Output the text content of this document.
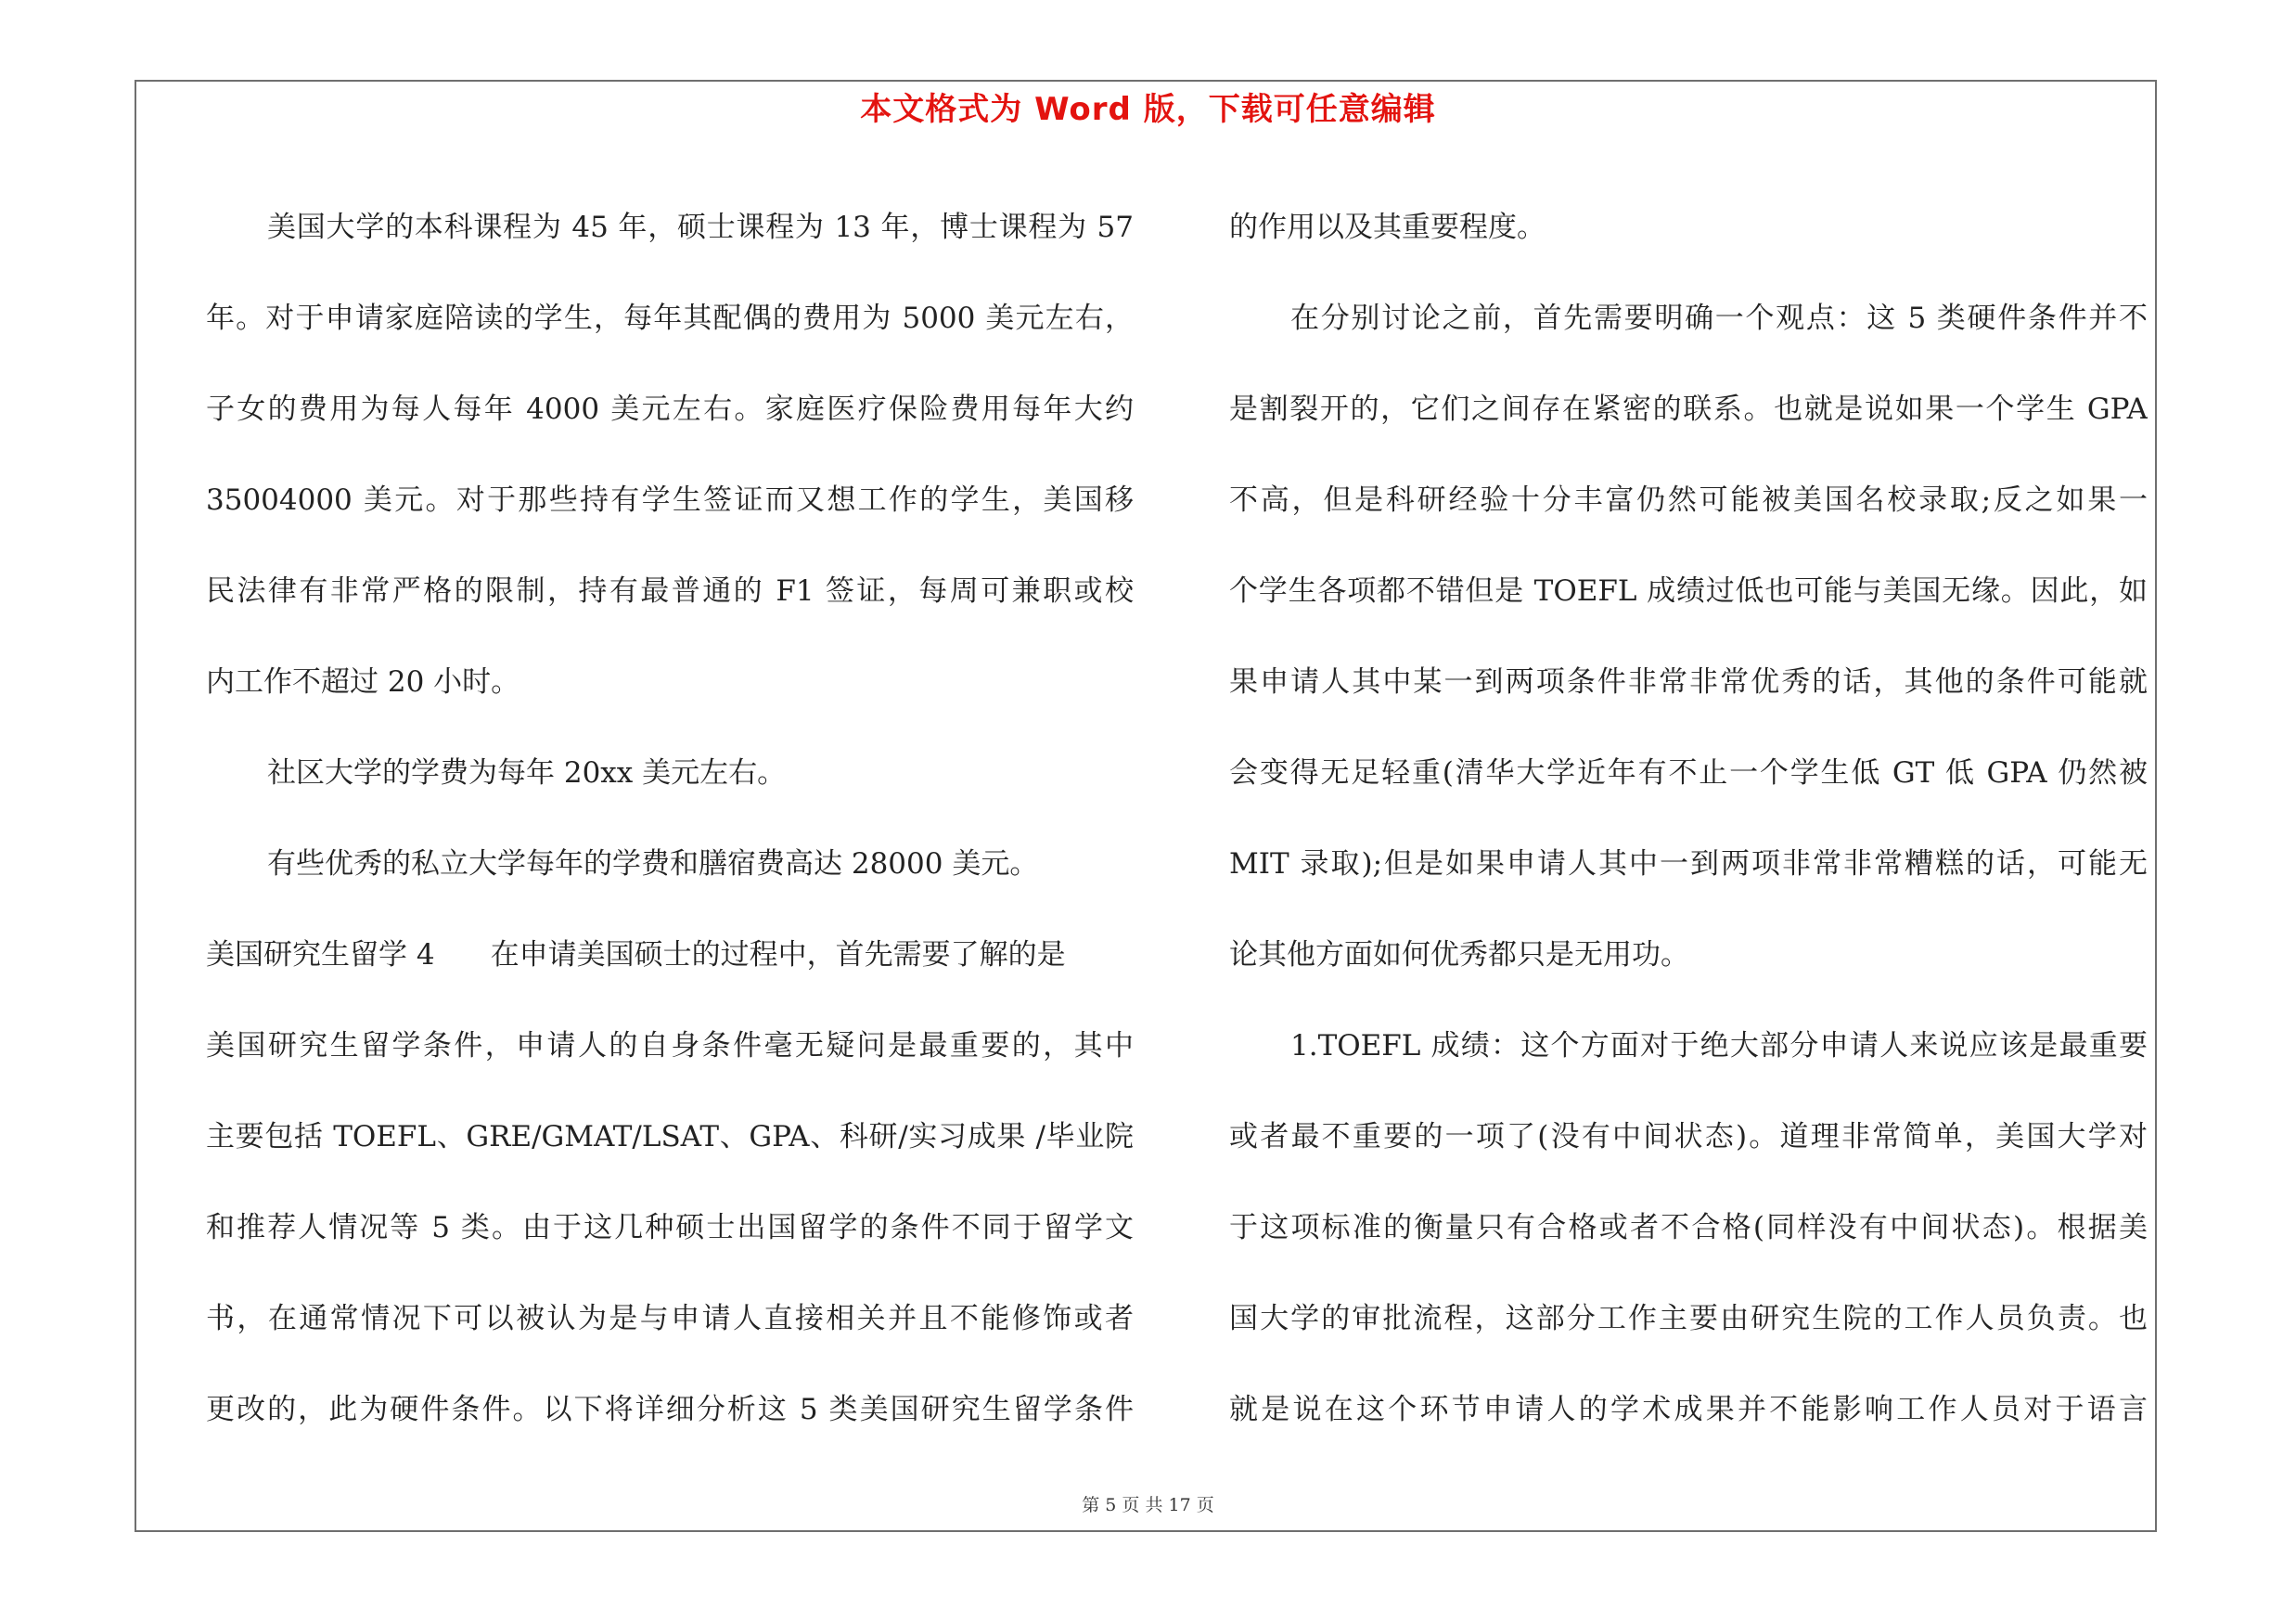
本文格式为 Word 版，下载可任意编辑
美国大学的本科课程为 45 年，硕士课程为 13 年，博士课程为 57
年。对于申请家庭陪读的学生，每年其配偶的费用为 5000 美元左右，
子女的费用为每人每年 4000 美元左右。家庭医疗保险费用每年大约
35004000 美元。对于那些持有学生签证而又想工作的学生，美国移
民法律有非常严格的限制，持有最普通的 F1 签证，每周可兼职或校
内工作不超过 20 小时。
社区大学的学费为每年 20xx 美元左右。
有些优秀的私立大学每年的学费和膳宿费高达 28000 美元。
美国研究生留学 4 在申请美国硕士的过程中，首先需要了解的是
美国研究生留学条件，申请人的自身条件毫无疑问是最重要的，其中
主要包括 TOEFL、GRE/GMAT/LSAT、GPA、科研/实习成果 /毕业院
和推荐人情况等 5 类。由于这几种硕士出国留学的条件不同于留学文
书，在通常情况下可以被认为是与申请人直接相关并且不能修饰或者
更改的，此为硬件条件。以下将详细分析这 5 类美国研究生留学条件
的作用以及其重要程度。
在分别讨论之前，首先需要明确一个观点：这 5 类硬件条件并不
是割裂开的，它们之间存在紧密的联系。也就是说如果一个学生 GPA
不高，但是科研经验十分丰富仍然可能被美国名校录取;反之如果一
个学生各项都不错但是 TOEFL 成绩过低也可能与美国无缘。因此，如
果申请人其中某一到两项条件非常非常优秀的话，其他的条件可能就
会变得无足轻重(清华大学近年有不止一个学生低 GT 低 GPA 仍然被
MIT 录取);但是如果申请人其中一到两项非常非常糟糕的话，可能无
论其他方面如何优秀都只是无用功。
1.TOEFL 成绩：这个方面对于绝大部分申请人来说应该是最重要
或者最不重要的一项了(没有中间状态)。道理非常简单，美国大学对
于这项标准的衡量只有合格或者不合格(同样没有中间状态)。根据美
国大学的审批流程，这部分工作主要由研究生院的工作人员负责。也
就是说在这个环节申请人的学术成果并不能影响工作人员对于语言
第 5 页 共 17 页
